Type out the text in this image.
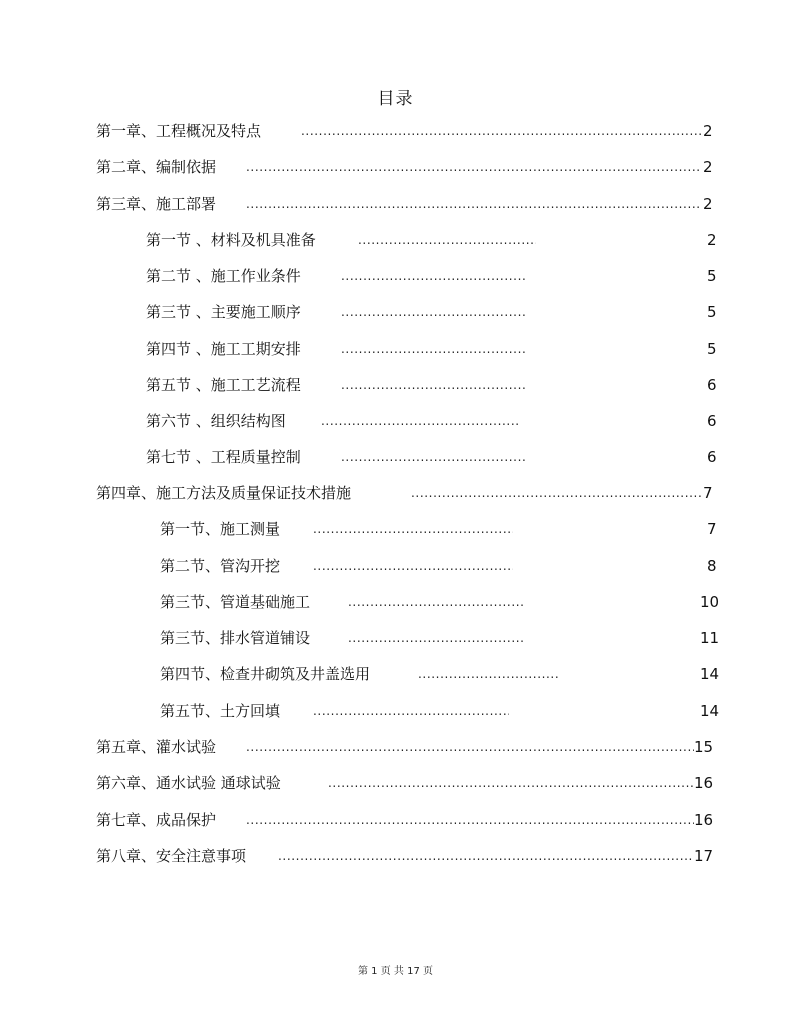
目录
第一章、工程概况及特点 .....	2
第二章、编制依据 .....	2
第三章、施工部署 .....	2
第一节 、材料及机具准备 .....	2
第二节 、施工作业条件 .....	5
第三节 、主要施工顺序 .....	5
第四节 、施工工期安排 .....	5
第五节 、施工工艺流程 .....	6
第六节 、组织结构图 .....	6
第七节 、工程质量控制 .....	6
第四章、施工方法及质量保证技术措施 .....	7
第一节、施工测量 .....	7
第二节、管沟开挖 .....	8
第三节、管道基础施工 .....	10
第三节、排水管道铺设 .....	11
第四节、检查井砌筑及井盖选用 .....	14
第五节、土方回填 .....	14
第五章、灌水试验 .....	15
第六章、通水试验 通球试验 .....	16
第七章、成品保护 .....	16
第八章、安全注意事项 .....	17
第 1 页 共 17 页
